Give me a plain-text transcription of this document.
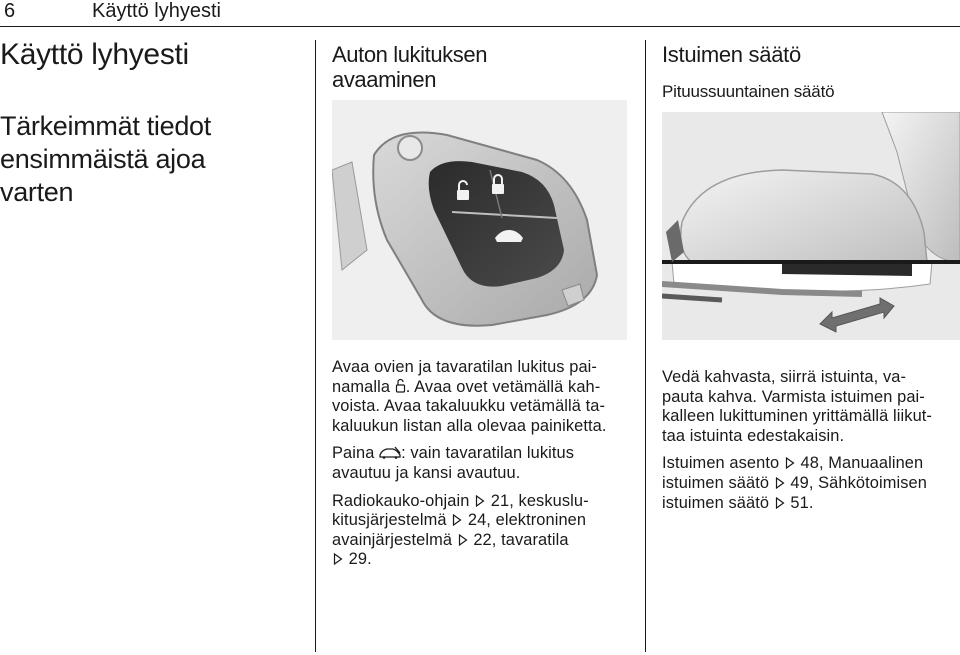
6	Käyttö lyhyesti
Käyttö lyhyesti
Tärkeimmät tiedot
ensimmäistä ajoa
varten
Auton lukituksen
avaaminen

Avaa ovien ja tavaratilan lukitus pai-
namalla . Avaa ovet vetämällä kah-
voista. Avaa takaluukku vetämällä ta-
kaluukun listan alla olevaa painiketta.

Paina : vain tavaratilan lukitus
avautuu ja kansi avautuu.

Radiokauko-ohjain  21, keskuslu-
kitusjärjestelmä  24, elektroninen
avainjärjestelmä  22, tavaratila
29.

Istuimen säätö
Pituussuuntainen säätö

Vedä kahvasta, siirrä istuinta, va-
pauta kahva. Varmista istuimen pai-
kalleen lukittuminen yrittämällä liikut-
taa istuinta edestakaisin.

Istuimen asento  48, Manuaalinen
istuimen säätö  49, Sähkötoimisen
istuimen säätö  51.
